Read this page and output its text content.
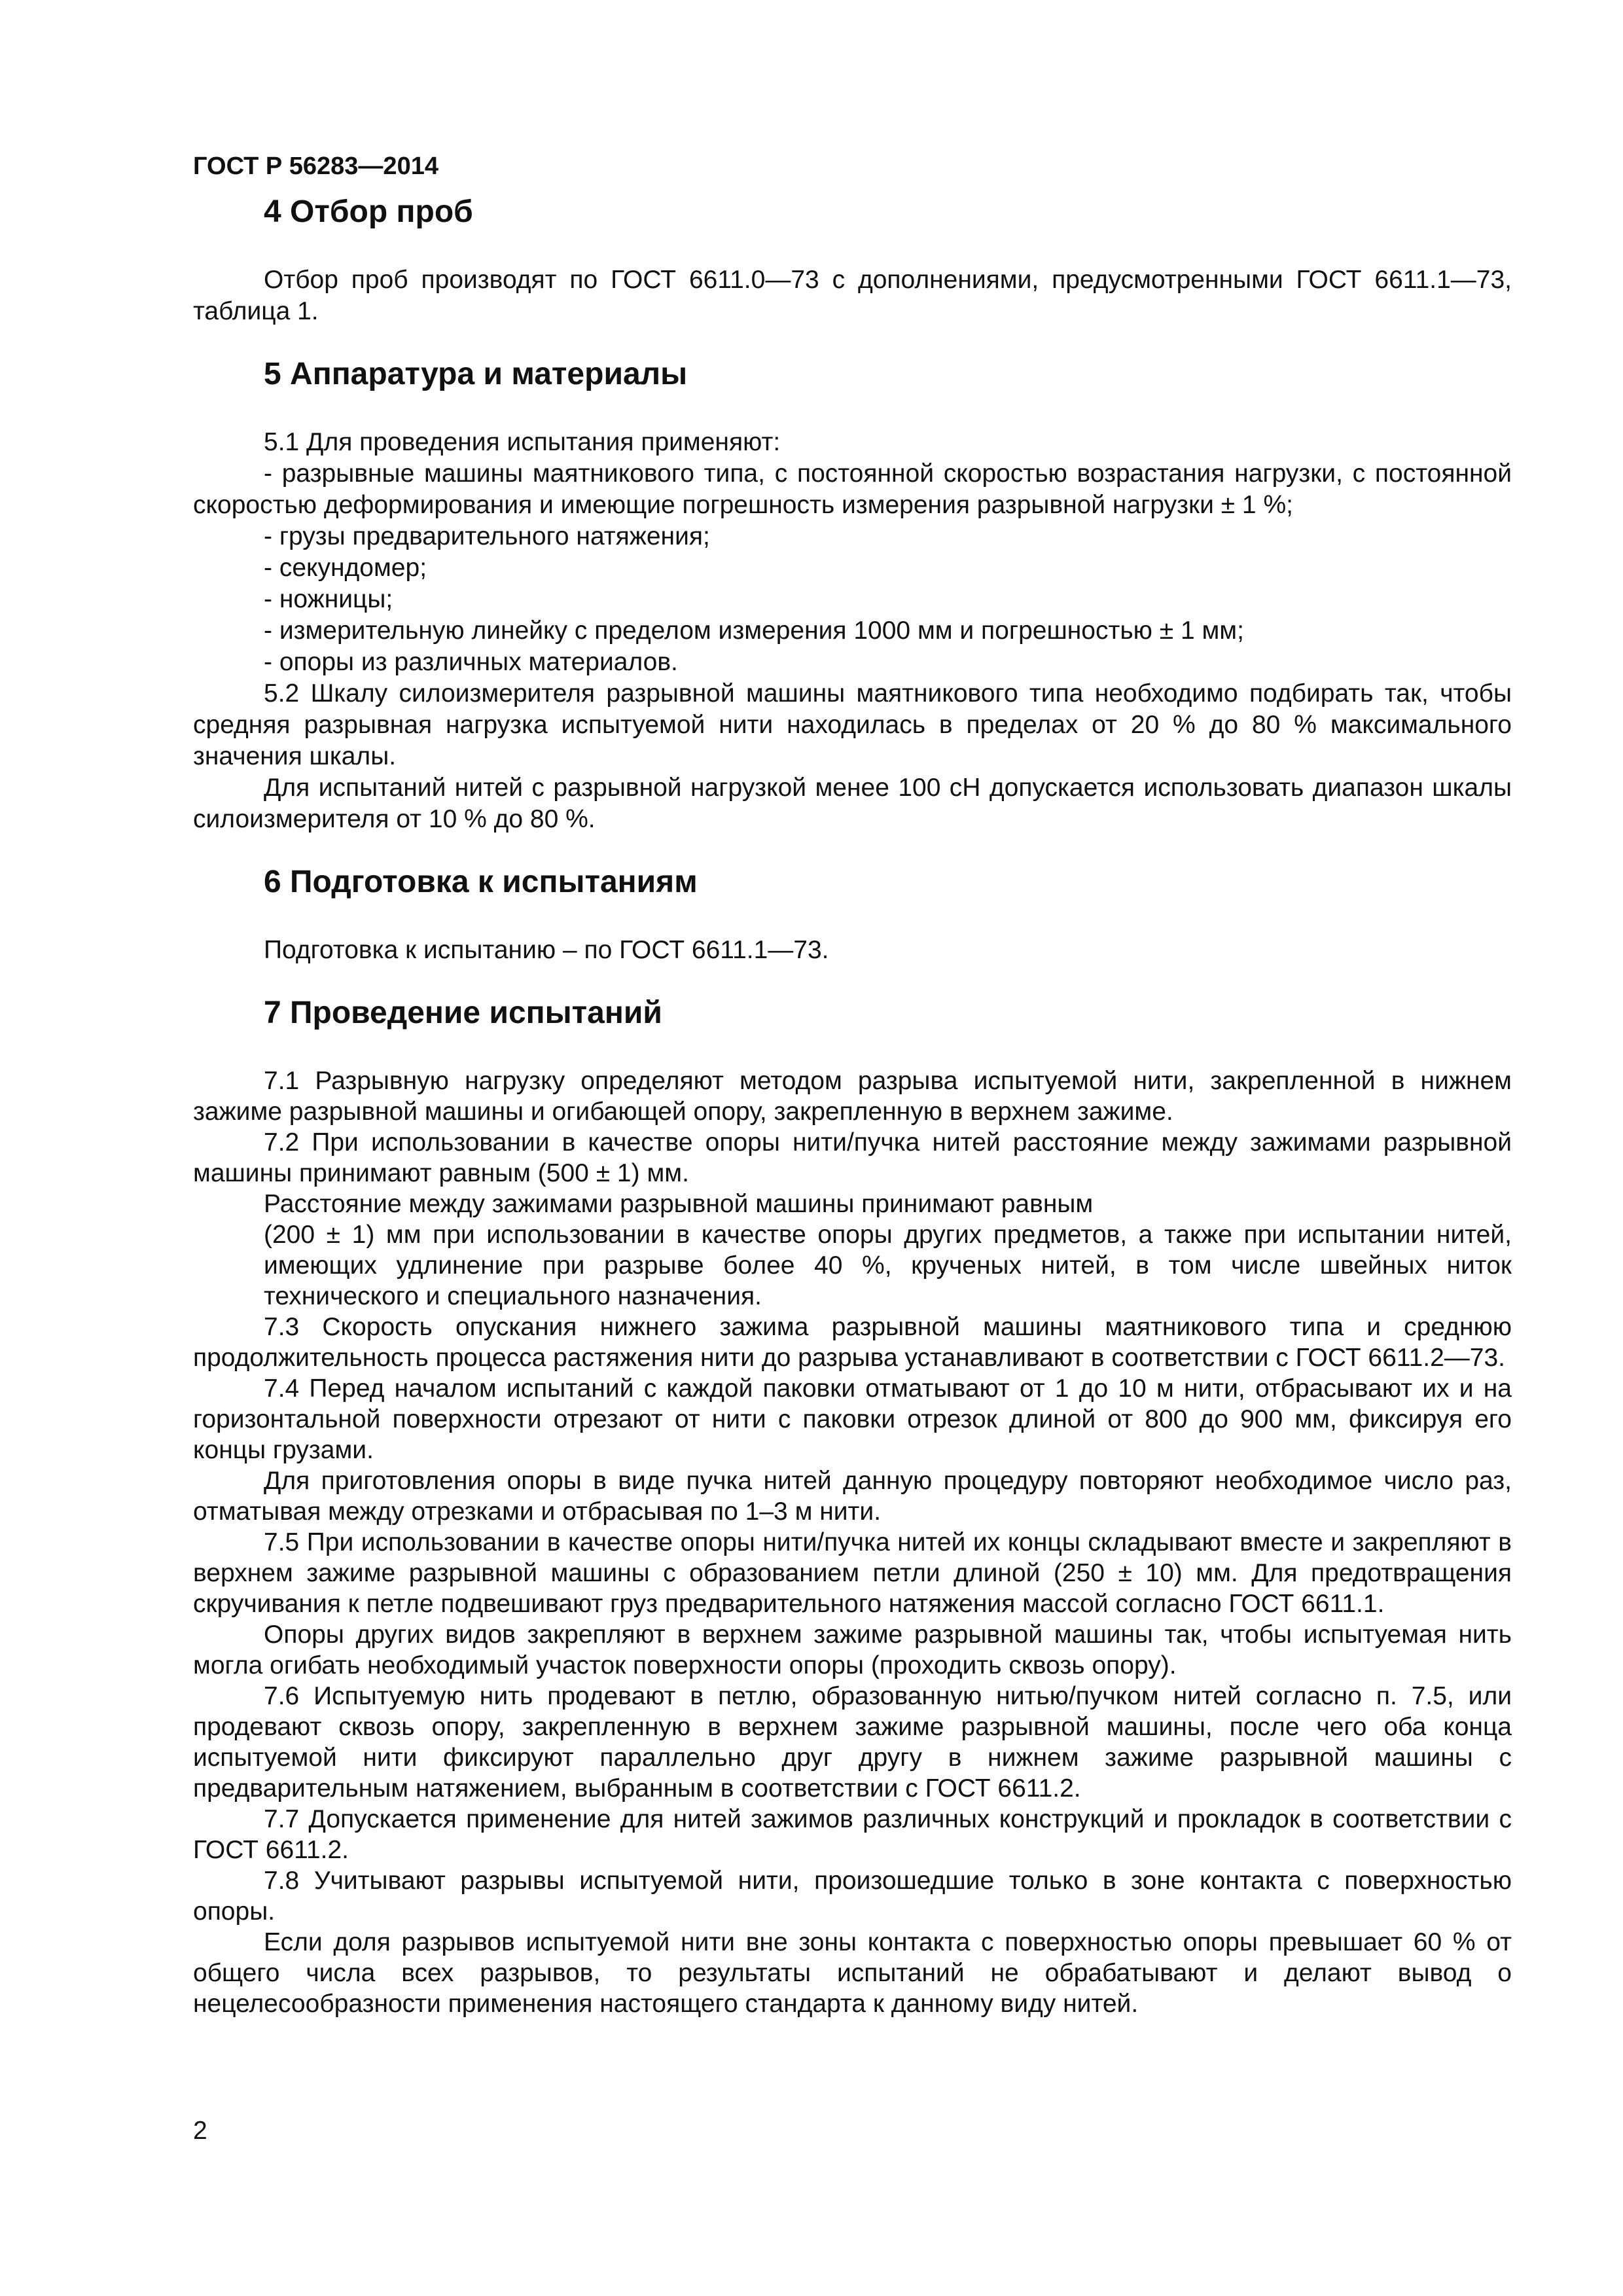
ГОСТ Р 56283—2014
4 Отбор проб

Отбор проб производят по ГОСТ 6611.0—73 с дополнениями, предусмотренными ГОСТ 6611.1—73, таблица 1.

5 Аппаратура и материалы

5.1 Для проведения испытания применяют:

- разрывные машины маятникового типа, с постоянной скоростью возрастания нагрузки, с постоянной скоростью деформирования и имеющие погрешность измерения разрывной нагрузки ± 1 %;

- грузы предварительного натяжения;

- секундомер;

- ножницы;

- измерительную линейку с пределом измерения 1000 мм и погрешностью ± 1 мм;

- опоры из различных материалов.

5.2 Шкалу силоизмерителя разрывной машины маятникового типа необходимо подбирать так, чтобы средняя разрывная нагрузка испытуемой нити находилась в пределах от 20 % до 80 % максимального значения шкалы.

Для испытаний нитей с разрывной нагрузкой менее 100 сН допускается использовать диапазон шкалы силоизмерителя от 10 % до 80 %.

6 Подготовка к испытаниям

Подготовка к испытанию – по ГОСТ 6611.1—73.

7 Проведение испытаний

7.1 Разрывную нагрузку определяют методом разрыва испытуемой нити, закрепленной в нижнем зажиме разрывной машины и огибающей опору, закрепленную в верхнем зажиме.

7.2 При использовании в качестве опоры нити/пучка нитей расстояние между зажимами разрывной машины принимают равным (500 ± 1) мм.

Расстояние между зажимами разрывной машины принимают равным

(200 ± 1) мм при использовании в качестве опоры других предметов, а также при испытании нитей, имеющих удлинение при разрыве более 40 %, крученых нитей, в том числе швейных ниток технического и специального назначения.

7.3 Скорость опускания нижнего зажима разрывной машины маятникового типа и среднюю продолжительность процесса растяжения нити до разрыва устанавливают в соответствии с ГОСТ 6611.2—73.

7.4 Перед началом испытаний с каждой паковки отматывают от 1 до 10 м нити, отбрасывают их и на горизонтальной поверхности отрезают от нити с паковки отрезок длиной от 800 до 900 мм, фиксируя его концы грузами.

Для приготовления опоры в виде пучка нитей данную процедуру повторяют необходимое число раз, отматывая между отрезками и отбрасывая по 1–3 м нити.

7.5 При использовании в качестве опоры нити/пучка нитей их концы складывают вместе и закрепляют в верхнем зажиме разрывной машины с образованием петли длиной (250 ± 10) мм. Для предотвращения скручивания к петле подвешивают груз предварительного натяжения массой согласно ГОСТ 6611.1.

Опоры других видов закрепляют в верхнем зажиме разрывной машины так, чтобы испытуемая нить могла огибать необходимый участок поверхности опоры (проходить сквозь опору).

7.6 Испытуемую нить продевают в петлю, образованную нитью/пучком нитей согласно п. 7.5, или продевают сквозь опору, закрепленную в верхнем зажиме разрывной машины, после чего оба конца испытуемой нити фиксируют параллельно друг другу в нижнем зажиме разрывной машины с предварительным натяжением, выбранным в соответствии с ГОСТ 6611.2.

7.7 Допускается применение для нитей зажимов различных конструкций и прокладок в соответствии с ГОСТ 6611.2.

7.8 Учитывают разрывы испытуемой нити, произошедшие только в зоне контакта с поверхностью опоры.

Если доля разрывов испытуемой нити вне зоны контакта с поверхностью опоры превышает 60 % от общего числа всех разрывов, то результаты испытаний не обрабатывают и делают вывод о нецелесообразности применения настоящего стандарта к данному виду нитей.

2
